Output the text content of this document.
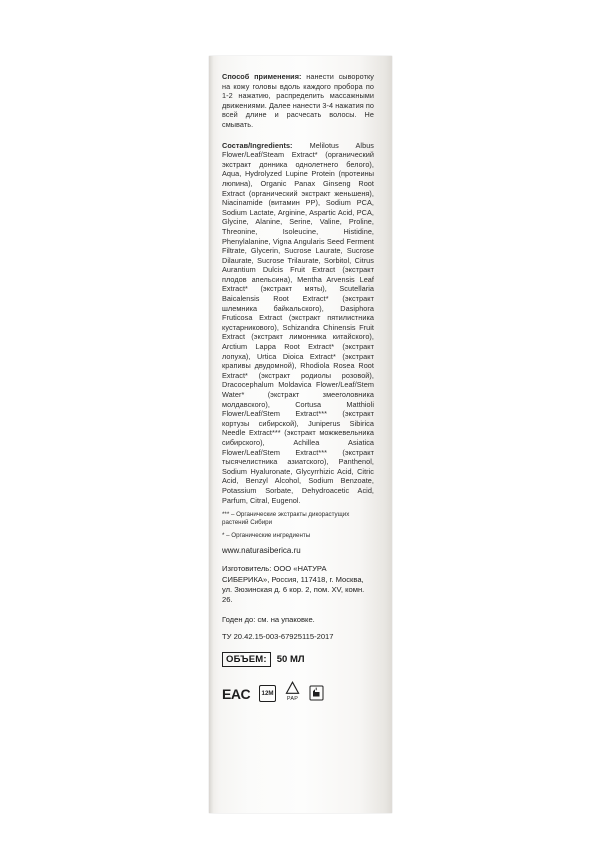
Способ применения: нанести сыворотку на кожу головы вдоль каждого пробора по 1-2 нажатию, распределить массажными движениями. Далее нанести 3-4 нажатия по всей длине и расчесать волосы. Не смывать.
Состав/Ingredients: Melilotus Albus Flower/Leaf/Steam Extract* (органический экстракт донника однолетнего белого), Aqua, Hydrolyzed Lupine Protein (протеины люпина), Organic Panax Ginseng Root Extract (органический экстракт женьшеня), Niacinamide (витамин PP), Sodium PCA, Sodium Lactate, Arginine, Aspartic Acid, PCA, Glycine, Alanine, Serine, Valine, Proline, Threonine, Isoleucine, Histidine, Phenylalanine, Vigna Angularis Seed Ferment Filtrate, Glycerin, Sucrose Laurate, Sucrose Dilaurate, Sucrose Trilaurate, Sorbitol, Citrus Aurantium Dulcis Fruit Extract (экстракт плодов апельсина), Mentha Arvensis Leaf Extract* (экстракт мяты), Scutellaria Baicalensis Root Extract* (экстракт шлемника байкальского), Dasiphora Fruticosa Extract (экстракт пятилистника кустарникового), Schizandra Chinensis Fruit Extract (экстракт лимонника китайского), Arctium Lappa Root Extract* (экстракт лопуха), Urtica Dioica Extract* (экстракт крапивы двудомной), Rhodiola Rosea Root Extract* (экстракт родиолы розовой), Dracocephalum Moldavica Flower/Leaf/Stem Water* (экстракт змееголовника молдавского), Cortusa Matthioli Flower/Leaf/Stem Extract*** (экстракт кортузы сибирской), Juniperus Sibirica Needle Extract*** (экстракт можжевельника сибирского), Achillea Asiatica Flower/Leaf/Stem Extract*** (экстракт тысячелистника азиатского), Panthenol, Sodium Hyaluronate, Glycyrrhizic Acid, Citric Acid, Benzyl Alcohol, Sodium Benzoate, Potassium Sorbate, Dehydroacetic Acid, Parfum, Citral, Eugenol.
*** – Органические экстракты дикорастущих растений Сибири
* – Органические ингредиенты
www.naturasiberica.ru
Изготовитель: ООО «НАТУРА СИБЕРИКА», Россия, 117418, г. Москва, ул. Зюзинская д. 6 кор. 2, пом. XV, комн. 26.
Годен до: см. на упаковке.
ТУ 20.42.15-003-67925115-2017
ОБЪЕМ:	50 МЛ
ЕAC	12M
PAP
